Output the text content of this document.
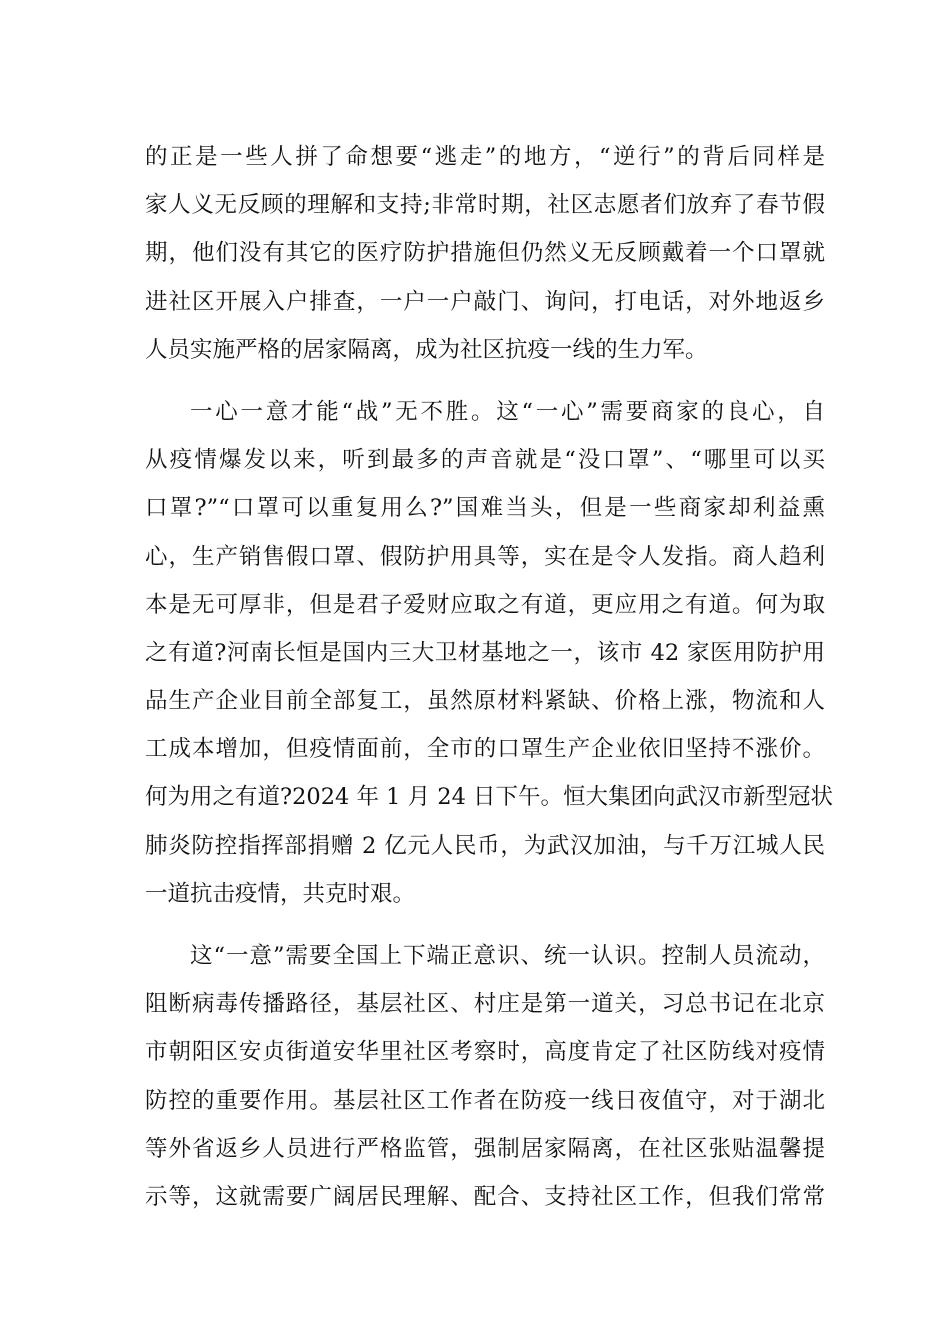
的正是一些人拼了命想要“逃走”的地方，“逆行”的背后同样是
家人义无反顾的理解和支持;非常时期，社区志愿者们放弃了春节假
期，他们没有其它的医疗防护措施但仍然义无反顾戴着一个口罩就
进社区开展入户排查，一户一户敲门、询问，打电话，对外地返乡
人员实施严格的居家隔离，成为社区抗疫一线的生力军。
一心一意才能“战”无不胜。这“一心”需要商家的良心，自
从疫情爆发以来，听到最多的声音就是“没口罩”、“哪里可以买
口罩?”“口罩可以重复用么?”国难当头，但是一些商家却利益熏
心，生产销售假口罩、假防护用具等，实在是令人发指。商人趋利
本是无可厚非，但是君子爱财应取之有道，更应用之有道。何为取
之有道?河南长恒是国内三大卫材基地之一，该市 42 家医用防护用
品生产企业目前全部复工，虽然原材料紧缺、价格上涨，物流和人
工成本增加，但疫情面前，全市的口罩生产企业依旧坚持不涨价。
何为用之有道?2024 年 1 月 24 日下午。恒大集团向武汉市新型冠状
肺炎防控指挥部捐赠 2 亿元人民币，为武汉加油，与千万江城人民
一道抗击疫情，共克时艰。
这“一意”需要全国上下端正意识、统一认识。控制人员流动，
阻断病毒传播路径，基层社区、村庄是第一道关，习总书记在北京
市朝阳区安贞街道安华里社区考察时，高度肯定了社区防线对疫情
防控的重要作用。基层社区工作者在防疫一线日夜值守，对于湖北
等外省返乡人员进行严格监管，强制居家隔离，在社区张贴温馨提
示等，这就需要广阔居民理解、配合、支持社区工作，但我们常常
